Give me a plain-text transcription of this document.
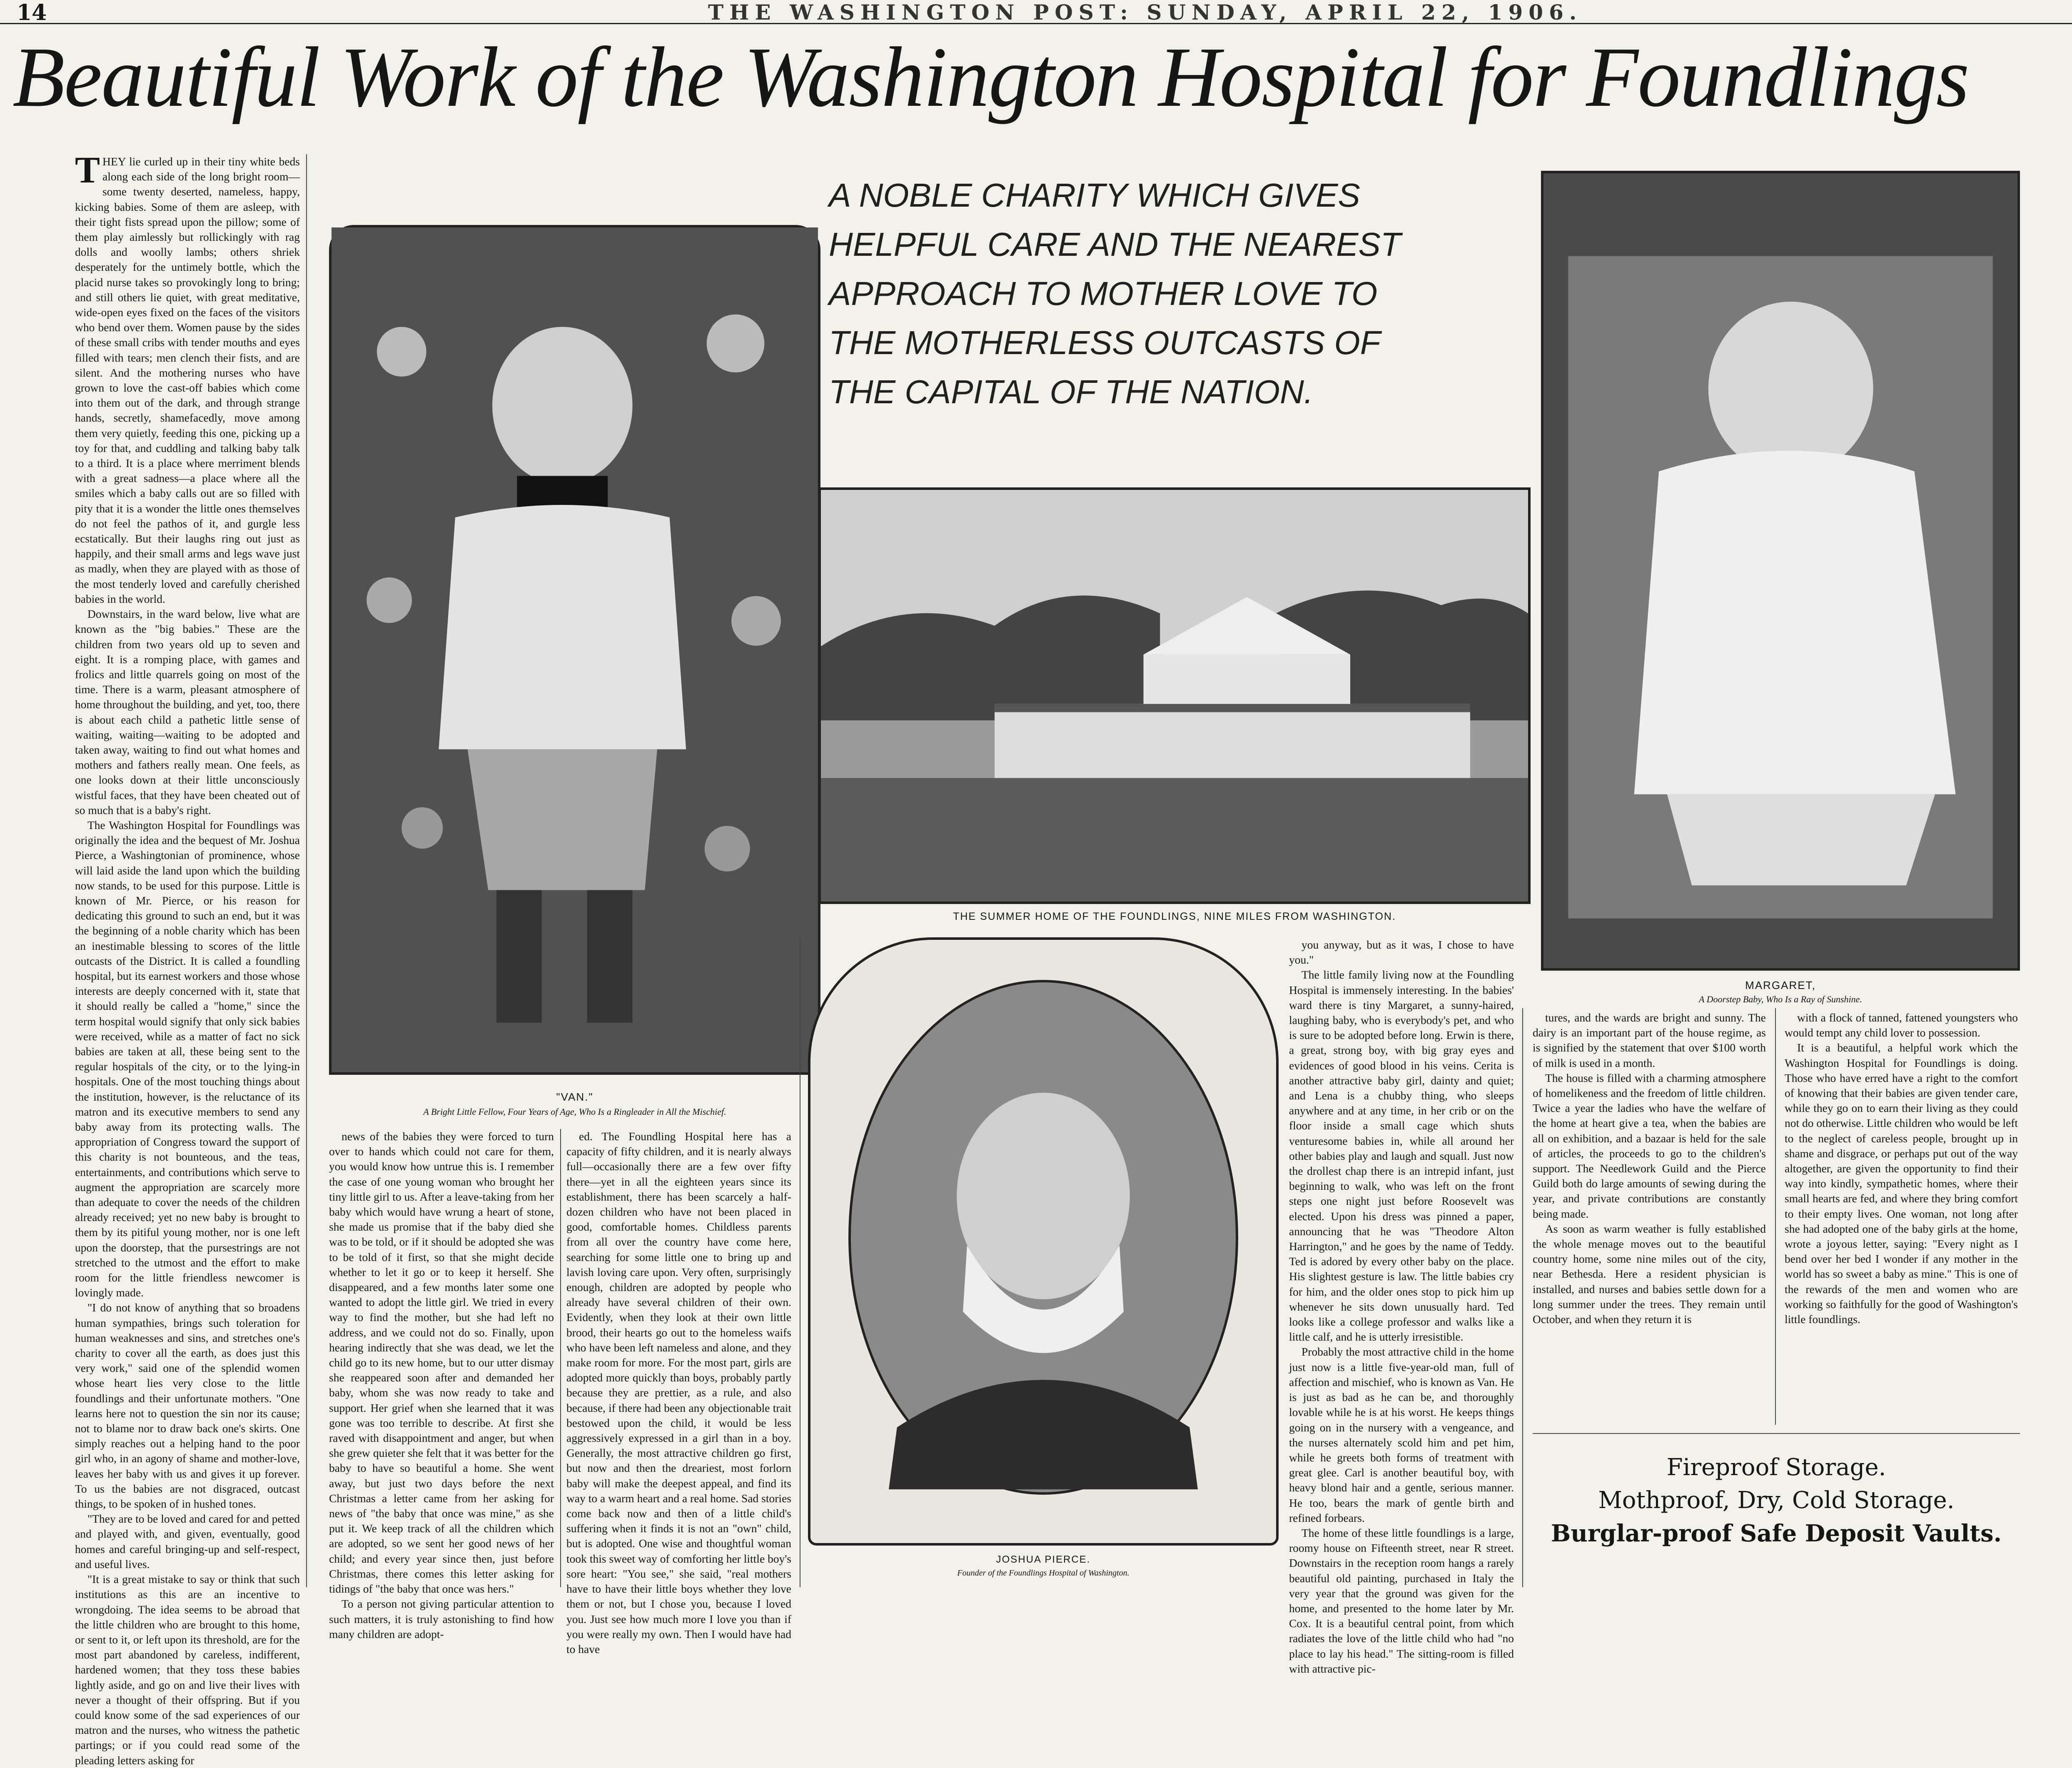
14	THE WASHINGTON POST: SUNDAY, APRIL 22, 1906.
Beautiful Work of the Washington Hospital for Foundlings

THEY lie curled up in their tiny white beds along each side of the long bright room—some twenty deserted, nameless, happy, kicking babies. Some of them are asleep, with their tight fists spread upon the pillow; some of them play aimlessly but rollickingly with rag dolls and woolly lambs; others shriek desperately for the untimely bottle, which the placid nurse takes so provokingly long to bring; and still others lie quiet, with great meditative, wide-open eyes fixed on the faces of the visitors who bend over them. Women pause by the sides of these small cribs with tender mouths and eyes filled with tears; men clench their fists, and are silent. And the mothering nurses who have grown to love the cast-off babies which come into them out of the dark, and through strange hands, secretly, shamefacedly, move among them very quietly, feeding this one, picking up a toy for that, and cuddling and talking baby talk to a third. It is a place where merriment blends with a great sadness—a place where all the smiles which a baby calls out are so filled with pity that it is a wonder the little ones themselves do not feel the pathos of it, and gurgle less ecstatically. But their laughs ring out just as happily, and their small arms and legs wave just as madly, when they are played with as those of the most tenderly loved and carefully cherished babies in the world.

Downstairs, in the ward below, live what are known as the "big babies." These are the children from two years old up to seven and eight. It is a romping place, with games and frolics and little quarrels going on most of the time. There is a warm, pleasant atmosphere of home throughout the building, and yet, too, there is about each child a pathetic little sense of waiting, waiting—waiting to be adopted and taken away, waiting to find out what homes and mothers and fathers really mean. One feels, as one looks down at their little unconsciously wistful faces, that they have been cheated out of so much that is a baby's right.

The Washington Hospital for Foundlings was originally the idea and the bequest of Mr. Joshua Pierce, a Washingtonian of prominence, whose will laid aside the land upon which the building now stands, to be used for this purpose. Little is known of Mr. Pierce, or his reason for dedicating this ground to such an end, but it was the beginning of a noble charity which has been an inestimable blessing to scores of the little outcasts of the District. It is called a foundling hospital, but its earnest workers and those whose interests are deeply concerned with it, state that it should really be called a "home," since the term hospital would signify that only sick babies were received, while as a matter of fact no sick babies are taken at all, these being sent to the regular hospitals of the city, or to the lying-in hospitals. One of the most touching things about the institution, however, is the reluctance of its matron and its executive members to send any baby away from its protecting walls. The appropriation of Congress toward the support of this charity is not bounteous, and the teas, entertainments, and contributions which serve to augment the appropriation are scarcely more than adequate to cover the needs of the children already received; yet no new baby is brought to them by its pitiful young mother, nor is one left upon the doorstep, that the pursestrings are not stretched to the utmost and the effort to make room for the little friendless newcomer is lovingly made.

"I do not know of anything that so broadens human sympathies, brings such toleration for human weaknesses and sins, and stretches one's charity to cover all the earth, as does just this very work," said one of the splendid women whose heart lies very close to the little foundlings and their unfortunate mothers. "One learns here not to question the sin nor its cause; not to blame nor to draw back one's skirts. One simply reaches out a helping hand to the poor girl who, in an agony of shame and mother-love, leaves her baby with us and gives it up forever. To us the babies are not disgraced, outcast things, to be spoken of in hushed tones.

"They are to be loved and cared for and petted and played with, and given, eventually, good homes and careful bringing-up and self-respect, and useful lives.

"It is a great mistake to say or think that such institutions as this are an incentive to wrongdoing. The idea seems to be abroad that the little children who are brought to this home, or sent to it, or left upon its threshold, are for the most part abandoned by careless, indifferent, hardened women; that they toss these babies lightly aside, and go on and live their lives with never a thought of their offspring. But if you could know some of the sad experiences of our matron and the nurses, who witness the pathetic partings; or if you could read some of the pleading letters asking for

"VAN."
A Bright Little Fellow, Four Years of Age, Who Is a Ringleader in All the Mischief.
A NOBLE CHARITY WHICH GIVES
HELPFUL CARE AND THE NEAREST
APPROACH TO MOTHER LOVE TO
THE MOTHERLESS OUTCASTS OF
THE CAPITAL OF THE NATION.
THE SUMMER HOME OF THE FOUNDLINGS, NINE MILES FROM WASHINGTON.
MARGARET,
A Doorstep Baby, Who Is a Ray of Sunshine.
JOSHUA PIERCE.
Founder of the Foundlings Hospital of Washington.

news of the babies they were forced to turn over to hands which could not care for them, you would know how untrue this is. I remember the case of one young woman who brought her tiny little girl to us. After a leave-taking from her baby which would have wrung a heart of stone, she made us promise that if the baby died she was to be told, or if it should be adopted she was to be told of it first, so that she might decide whether to let it go or to keep it herself. She disappeared, and a few months later some one wanted to adopt the little girl. We tried in every way to find the mother, but she had left no address, and we could not do so. Finally, upon hearing indirectly that she was dead, we let the child go to its new home, but to our utter dismay she reappeared soon after and demanded her baby, whom she was now ready to take and support. Her grief when she learned that it was gone was too terrible to describe. At first she raved with disappointment and anger, but when she grew quieter she felt that it was better for the baby to have so beautiful a home. She went away, but just two days before the next Christmas a letter came from her asking for news of "the baby that once was mine," as she put it. We keep track of all the children which are adopted, so we sent her good news of her child; and every year since then, just before Christmas, there comes this letter asking for tidings of "the baby that once was hers."

To a person not giving particular attention to such matters, it is truly astonishing to find how many children are adopt-

ed. The Foundling Hospital here has a capacity of fifty children, and it is nearly always full—occasionally there are a few over fifty there—yet in all the eighteen years since its establishment, there has been scarcely a half-dozen children who have not been placed in good, comfortable homes. Childless parents from all over the country have come here, searching for some little one to bring up and lavish loving care upon. Very often, surprisingly enough, children are adopted by people who already have several children of their own. Evidently, when they look at their own little brood, their hearts go out to the homeless waifs who have been left nameless and alone, and they make room for more. For the most part, girls are adopted more quickly than boys, probably partly because they are prettier, as a rule, and also because, if there had been any objectionable trait bestowed upon the child, it would be less aggressively expressed in a girl than in a boy. Generally, the most attractive children go first, but now and then the dreariest, most forlorn baby will make the deepest appeal, and find its way to a warm heart and a real home. Sad stories come back now and then of a little child's suffering when it finds it is not an "own" child, but is adopted. One wise and thoughtful woman took this sweet way of comforting her little boy's sore heart: "You see," she said, "real mothers have to have their little boys whether they love them or not, but I chose you, because I loved you. Just see how much more I love you than if you were really my own. Then I would have had to have

you anyway, but as it was, I chose to have you."

The little family living now at the Foundling Hospital is immensely interesting. In the babies' ward there is tiny Margaret, a sunny-haired, laughing baby, who is everybody's pet, and who is sure to be adopted before long. Erwin is there, a great, strong boy, with big gray eyes and evidences of good blood in his veins. Cerita is another attractive baby girl, dainty and quiet; and Lena is a chubby thing, who sleeps anywhere and at any time, in her crib or on the floor inside a small cage which shuts venturesome babies in, while all around her other babies play and laugh and squall. Just now the drollest chap there is an intrepid infant, just beginning to walk, who was left on the front steps one night just before Roosevelt was elected. Upon his dress was pinned a paper, announcing that he was "Theodore Alton Harrington," and he goes by the name of Teddy. Ted is adored by every other baby on the place. His slightest gesture is law. The little babies cry for him, and the older ones stop to pick him up whenever he sits down unusually hard. Ted looks like a college professor and walks like a little calf, and he is utterly irresistible.

Probably the most attractive child in the home just now is a little five-year-old man, full of affection and mischief, who is known as Van. He is just as bad as he can be, and thoroughly lovable while he is at his worst. He keeps things going on in the nursery with a vengeance, and the nurses alternately scold him and pet him, while he greets both forms of treatment with great glee. Carl is another beautiful boy, with heavy blond hair and a gentle, serious manner. He too, bears the mark of gentle birth and refined forbears.

The home of these little foundlings is a large, roomy house on Fifteenth street, near R street. Downstairs in the reception room hangs a rarely beautiful old painting, purchased in Italy the very year that the ground was given for the home, and presented to the home later by Mr. Cox. It is a beautiful central point, from which radiates the love of the little child who had "no place to lay his head." The sitting-room is filled with attractive pic-

tures, and the wards are bright and sunny. The dairy is an important part of the house regime, as is signified by the statement that over $100 worth of milk is used in a month.

The house is filled with a charming atmosphere of homelikeness and the freedom of little children. Twice a year the ladies who have the welfare of the home at heart give a tea, when the babies are all on exhibition, and a bazaar is held for the sale of articles, the proceeds to go to the children's support. The Needlework Guild and the Pierce Guild both do large amounts of sewing during the year, and private contributions are constantly being made.

As soon as warm weather is fully established the whole menage moves out to the beautiful country home, some nine miles out of the city, near Bethesda. Here a resident physician is installed, and nurses and babies settle down for a long summer under the trees. They remain until October, and when they return it is

with a flock of tanned, fattened youngsters who would tempt any child lover to possession.

It is a beautiful, a helpful work which the Washington Hospital for Foundlings is doing. Those who have erred have a right to the comfort of knowing that their babies are given tender care, while they go on to earn their living as they could not do otherwise. Little children who would be left to the neglect of careless people, brought up in shame and disgrace, or perhaps put out of the way altogether, are given the opportunity to find their way into kindly, sympathetic homes, where their small hearts are fed, and where they bring comfort to their empty lives. One woman, not long after she had adopted one of the baby girls at the home, wrote a joyous letter, saying: "Every night as I bend over her bed I wonder if any mother in the world has so sweet a baby as mine." This is one of the rewards of the men and women who are working so faithfully for the good of Washington's little foundlings.

Fireproof Storage.
Mothproof, Dry, Cold Storage.
Burglar-proof Safe Deposit Vaults.
